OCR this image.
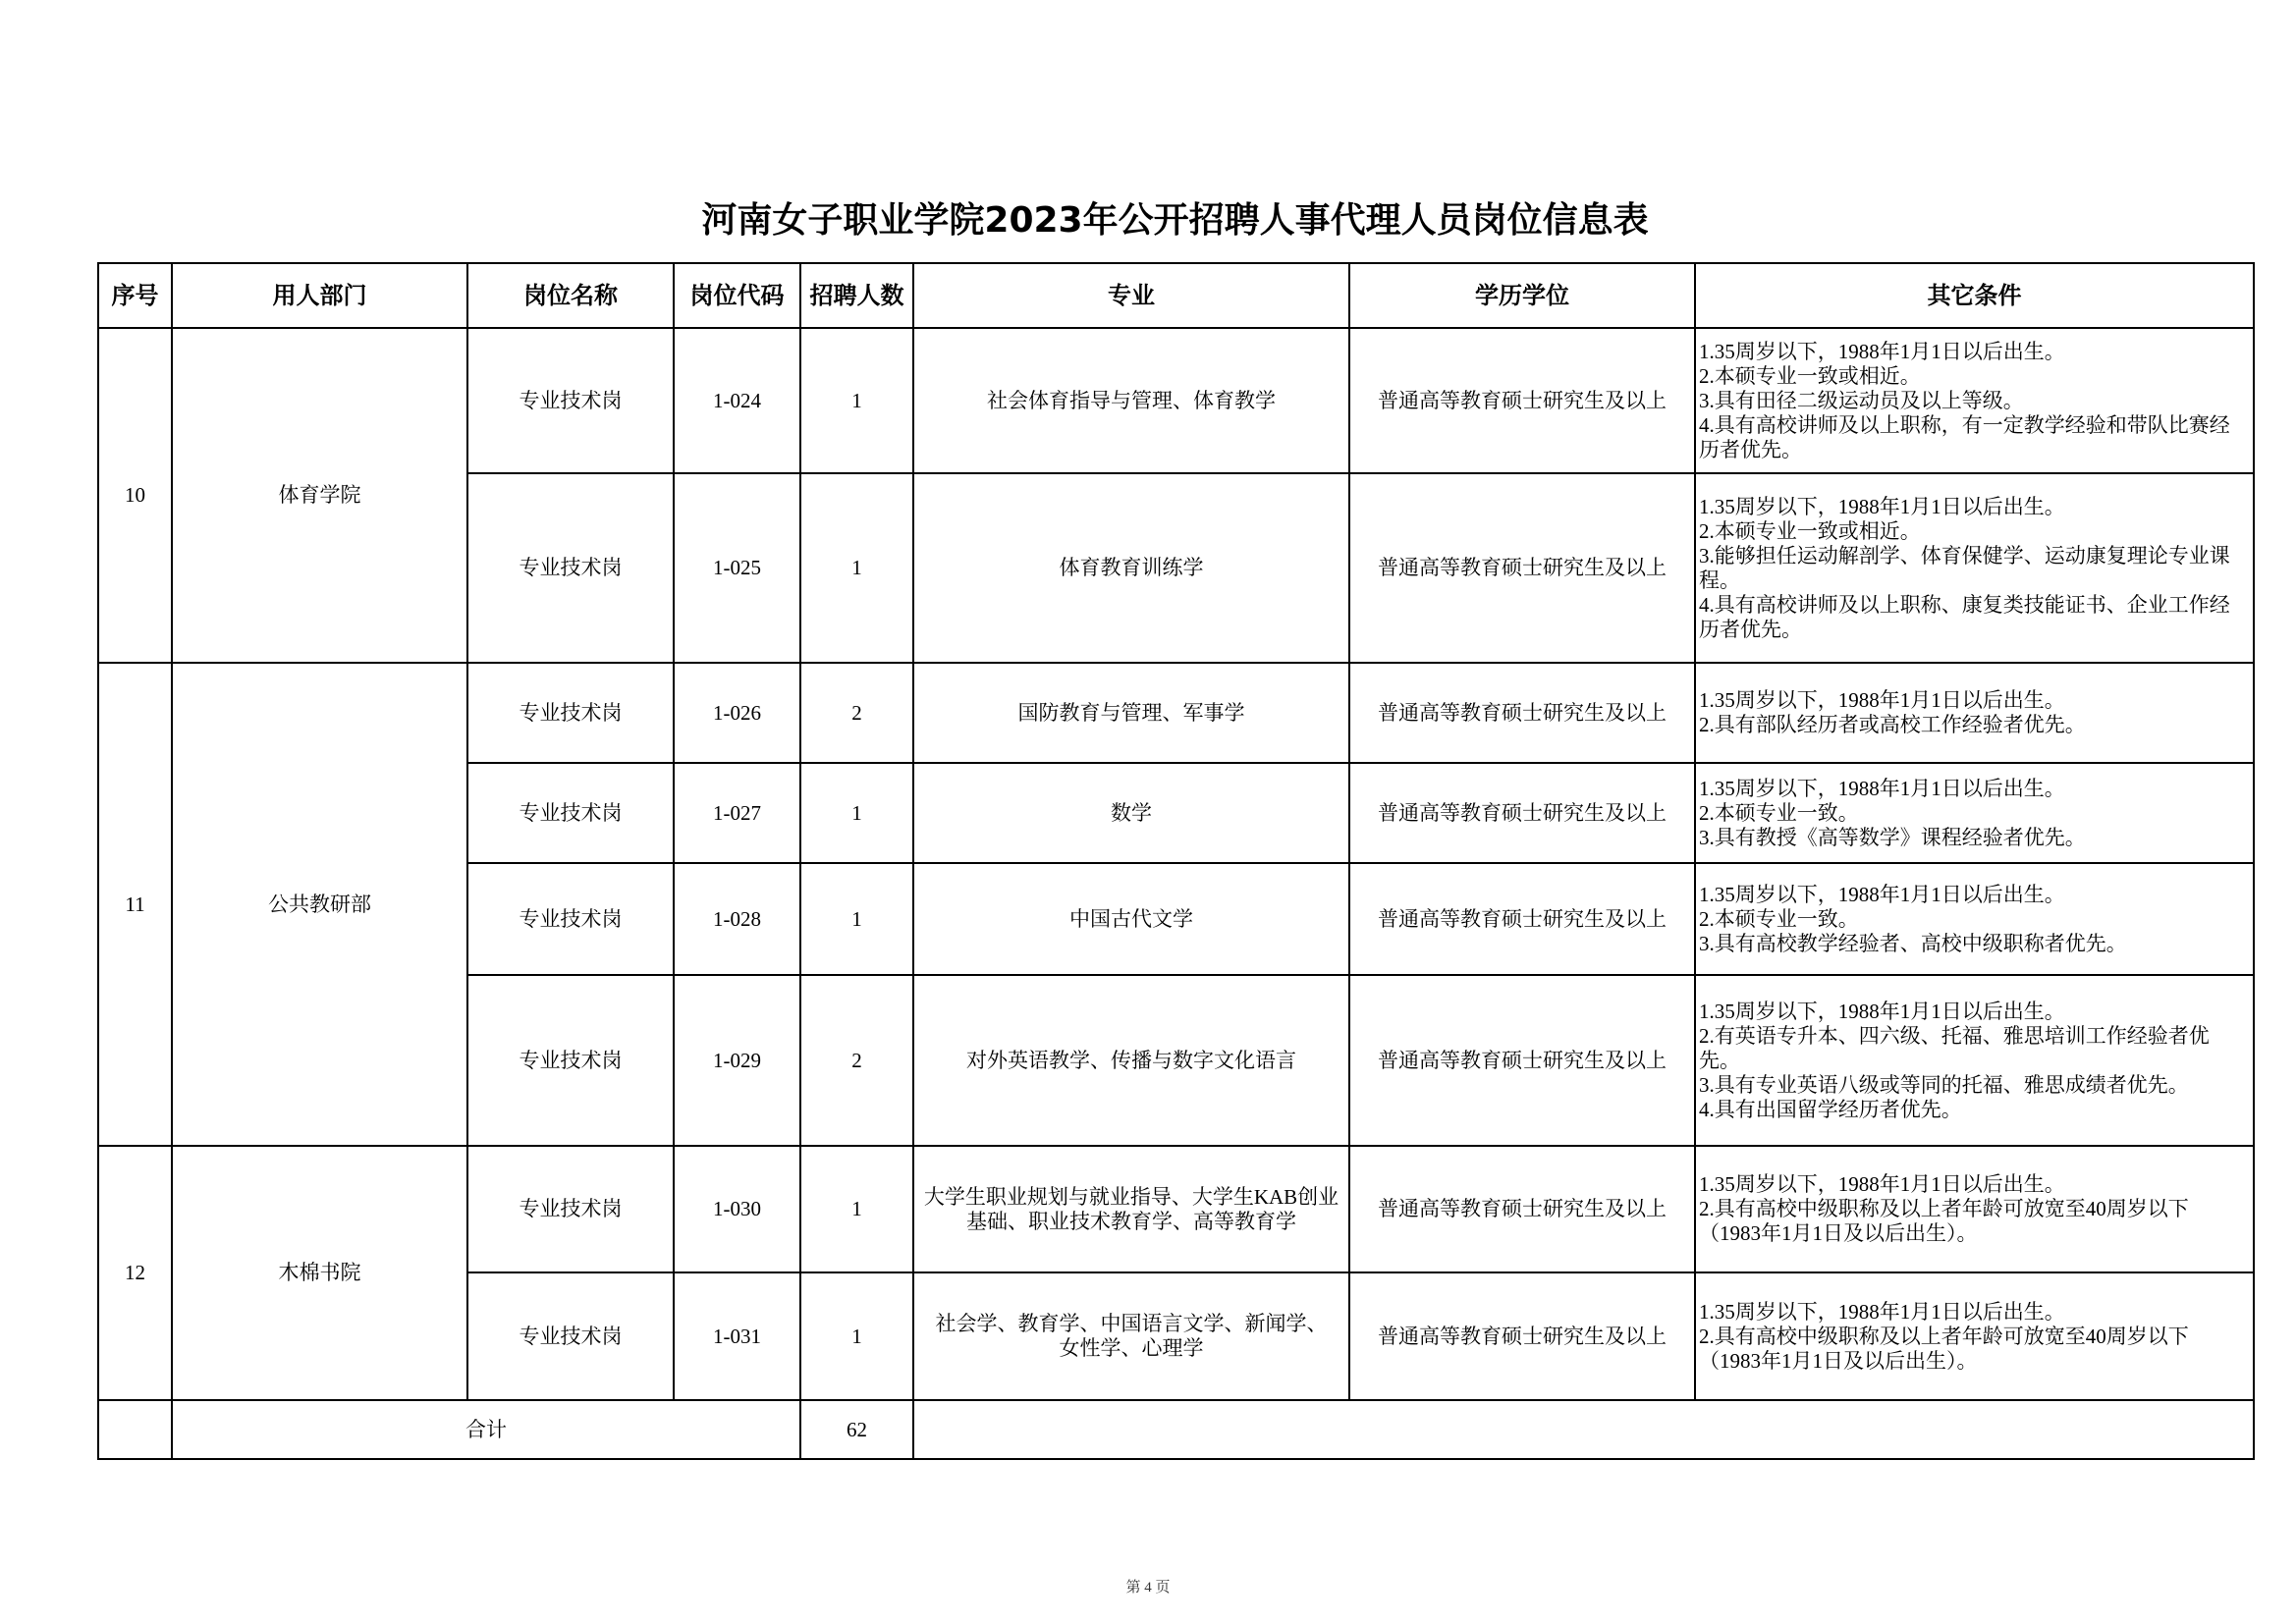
河南女子职业学院2023年公开招聘人事代理人员岗位信息表
序号	用人部门	岗位名称	岗位代码	招聘人数	专业	学历学位	其它条件
10	体育学院	专业技术岗	1-024	1	社会体育指导与管理、体育教学	普通高等教育硕士研究生及以上	1.35周岁以下，1988年1月1日以后出生。
2.本硕专业一致或相近。
3.具有田径二级运动员及以上等级。
4.具有高校讲师及以上职称，有一定教学经验和带队比赛经历者优先。

		专业技术岗	1-025	1	体育教育训练学	普通高等教育硕士研究生及以上	1.35周岁以下，1988年1月1日以后出生。
2.本硕专业一致或相近。
3.能够担任运动解剖学、体育保健学、运动康复理论专业课程。
4.具有高校讲师及以上职称、康复类技能证书、企业工作经历者优先。

11	公共教研部	专业技术岗	1-026	2	国防教育与管理、军事学	普通高等教育硕士研究生及以上	1.35周岁以下，1988年1月1日以后出生。
2.具有部队经历者或高校工作经验者优先。

		专业技术岗	1-027	1	数学	普通高等教育硕士研究生及以上	1.35周岁以下，1988年1月1日以后出生。
2.本硕专业一致。
3.具有教授《高等数学》课程经验者优先。

		专业技术岗	1-028	1	中国古代文学	普通高等教育硕士研究生及以上	1.35周岁以下，1988年1月1日以后出生。
2.本硕专业一致。
3.具有高校教学经验者、高校中级职称者优先。

		专业技术岗	1-029	2	对外英语教学、传播与数字文化语言	普通高等教育硕士研究生及以上	1.35周岁以下，1988年1月1日以后出生。
2.有英语专升本、四六级、托福、雅思培训工作经验者优先。
3.具有专业英语八级或等同的托福、雅思成绩者优先。
4.具有出国留学经历者优先。

12	木棉书院	专业技术岗	1-030	1	大学生职业规划与就业指导、大学生KAB创业基础、职业技术教育学、高等教育学	普通高等教育硕士研究生及以上	1.35周岁以下，1988年1月1日以后出生。
2.具有高校中级职称及以上者年龄可放宽至40周岁以下（1983年1月1日及以后出生）。

		专业技术岗	1-031	1	社会学、教育学、中国语言文学、新闻学、女性学、心理学	普通高等教育硕士研究生及以上	1.35周岁以下，1988年1月1日以后出生。
2.具有高校中级职称及以上者年龄可放宽至40周岁以下（1983年1月1日及以后出生）。

	合计			62			
第 4 页
